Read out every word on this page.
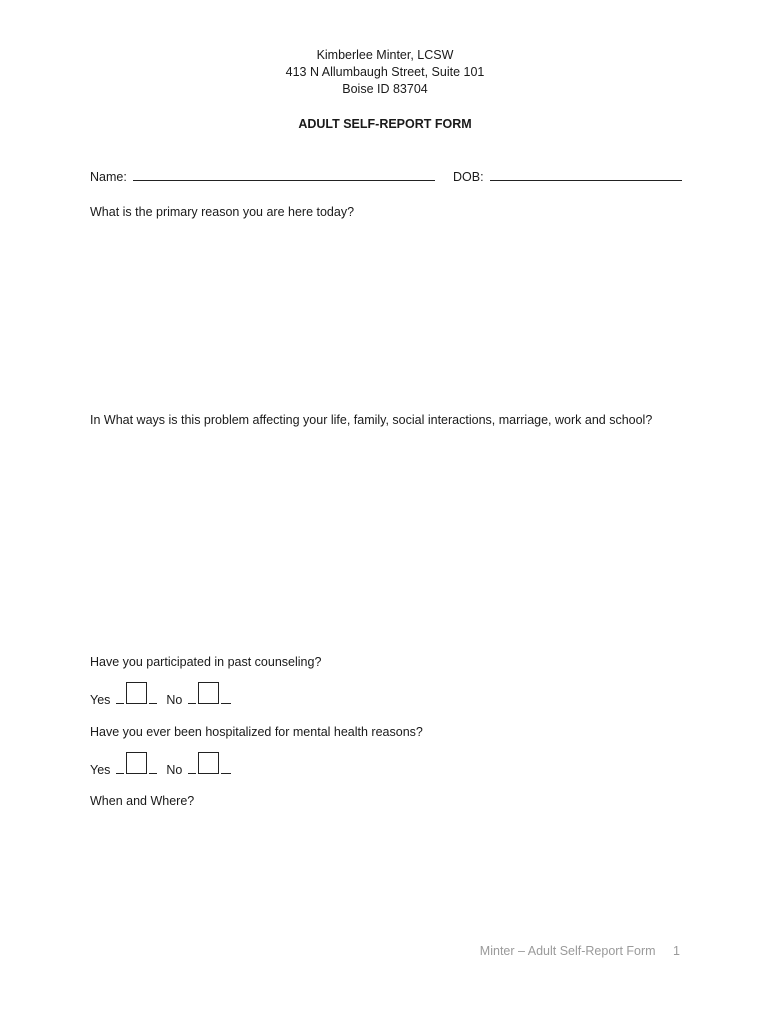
Kimberlee Minter, LCSW
413 N Allumbaugh Street, Suite 101
Boise ID 83704
ADULT SELF-REPORT FORM
Name:	DOB:
What is the primary reason you are here today?
In What ways is this problem affecting your life, family, social interactions, marriage, work and school?
Have you participated in past counseling?
Yes	No
Have you ever been hospitalized for mental health reasons?
Yes	No
When and Where?
Minter – Adult Self-Report Form 1
